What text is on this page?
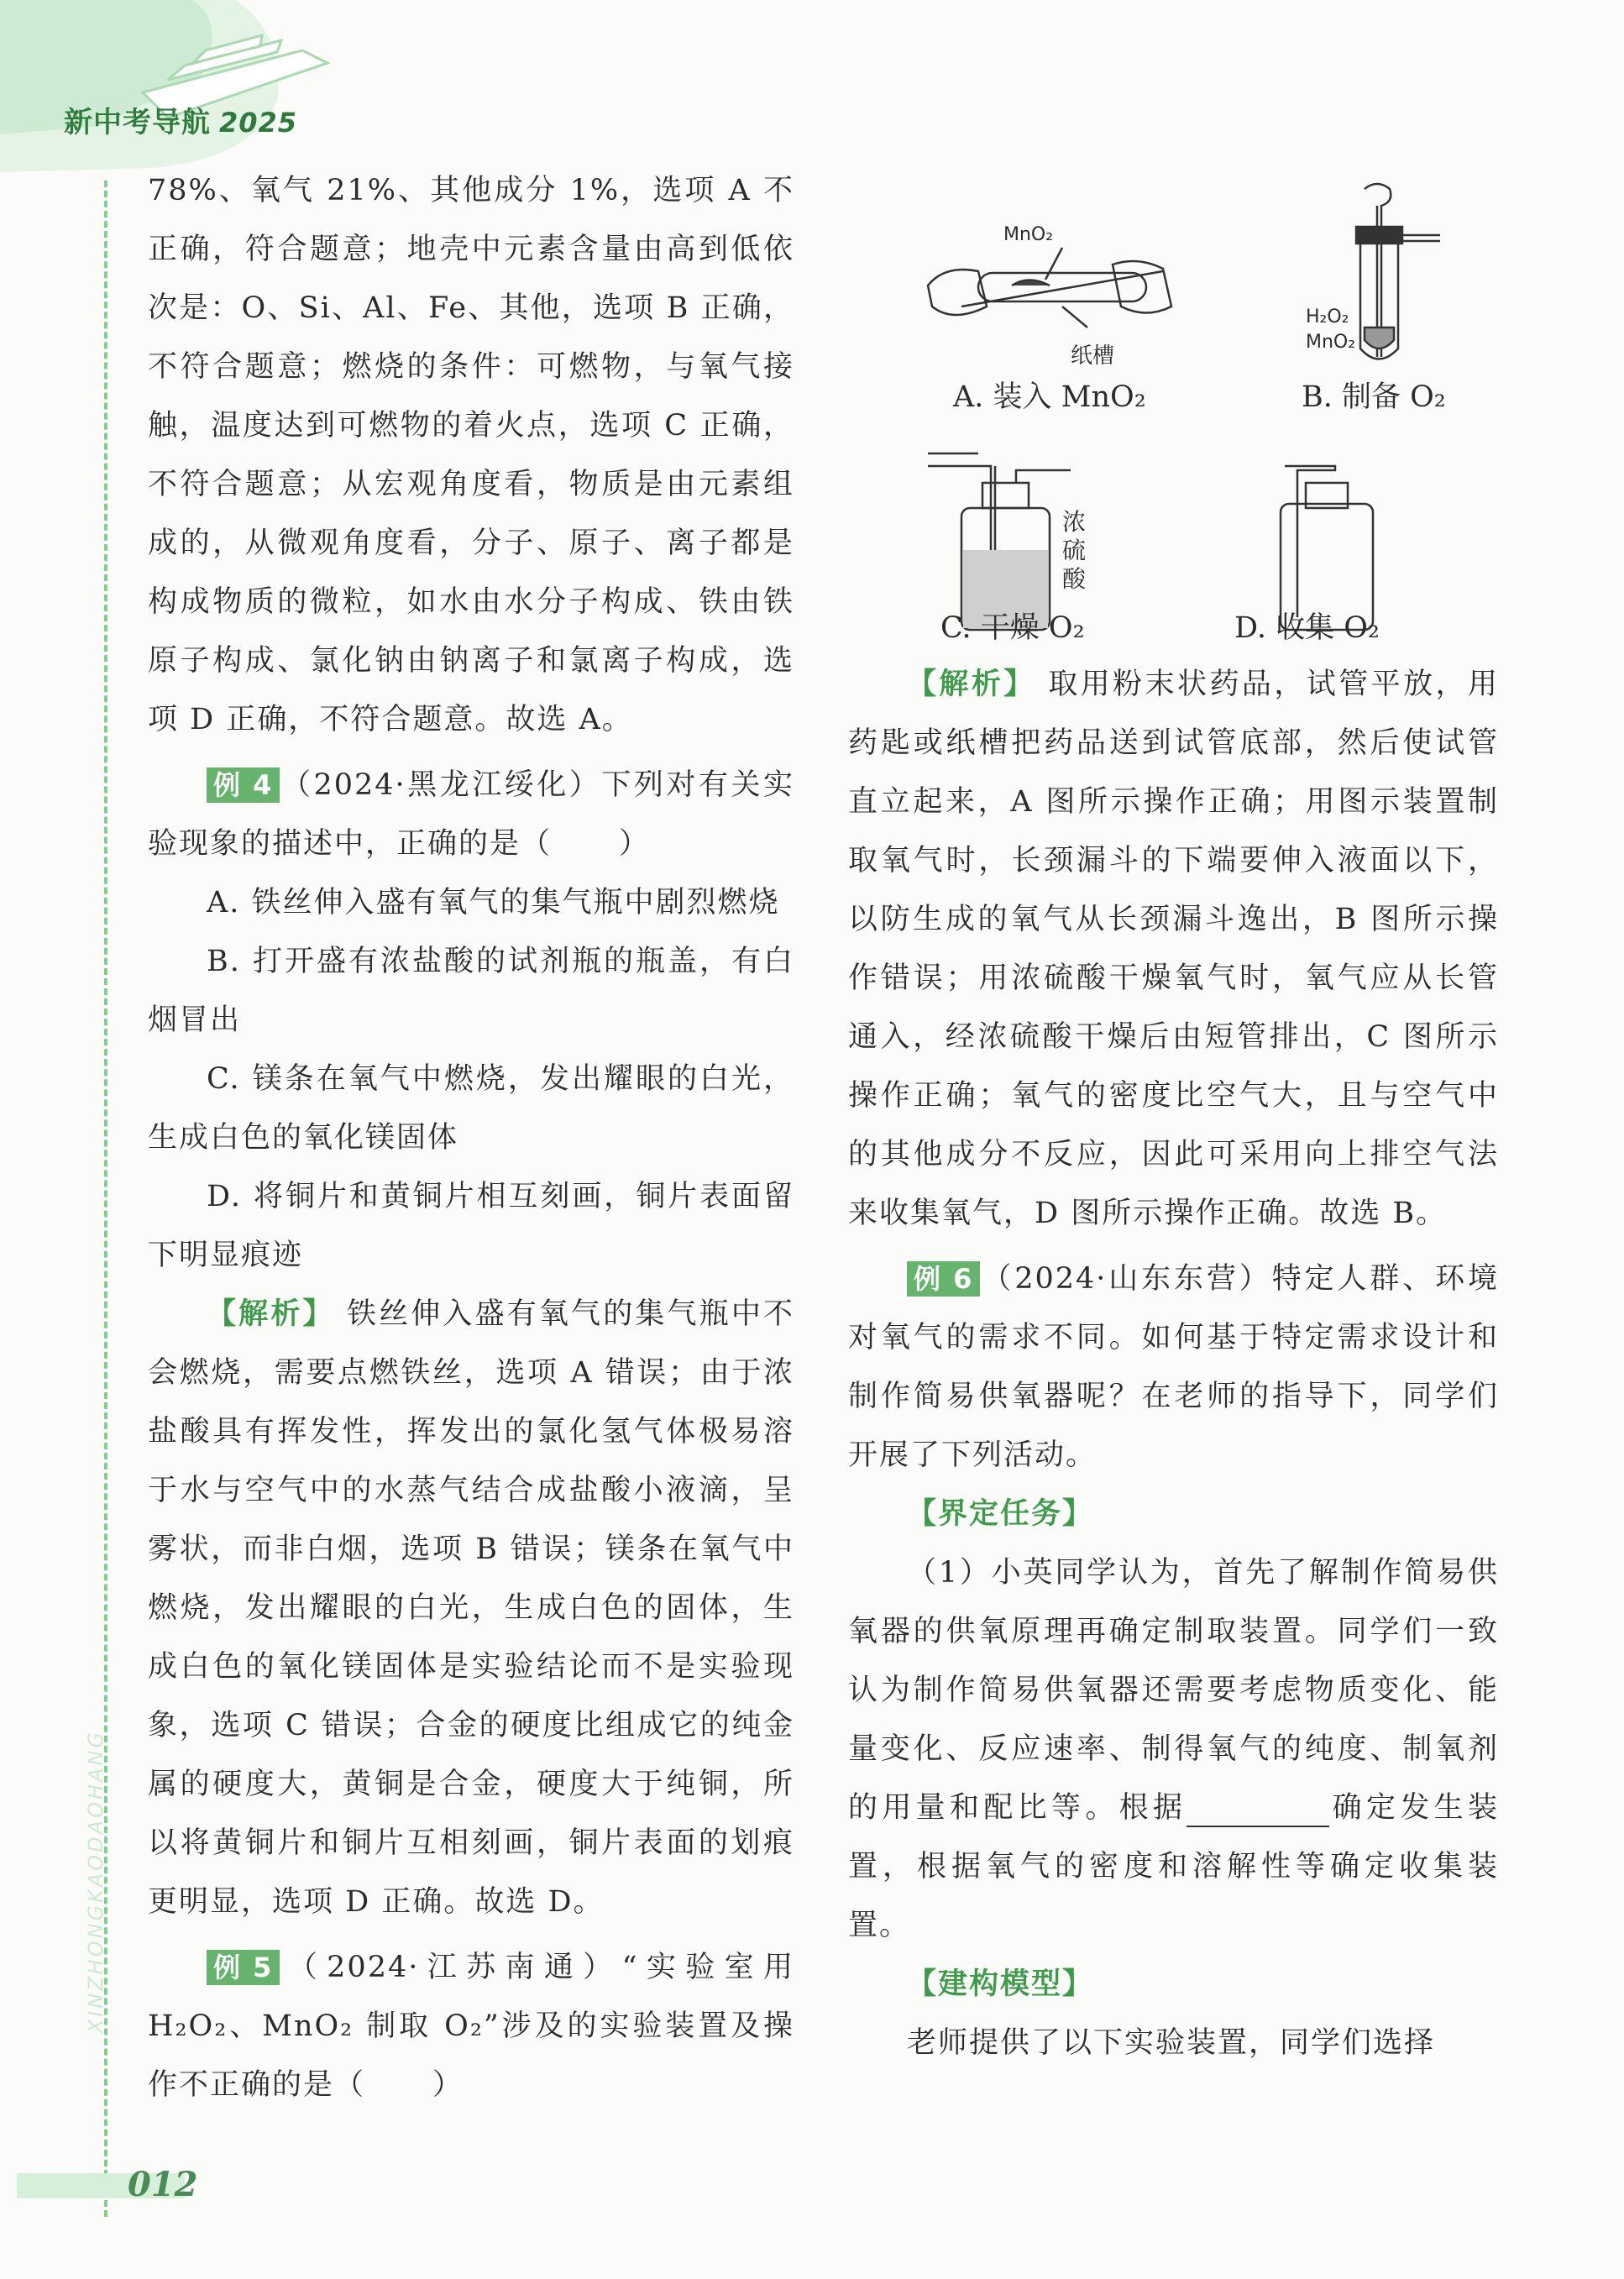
新中考导航 2025
XINZHONGKAODAOHANG
012

78%、氧气 21%、其他成分 1%，选项 A 不正确，符合题意；地壳中元素含量由高到低依次是：O、Si、Al、Fe、其他，选项 B 正确，不符合题意；燃烧的条件：可燃物，与氧气接触，温度达到可燃物的着火点，选项 C 正确，不符合题意；从宏观角度看，物质是由元素组成的，从微观角度看，分子、原子、离子都是构成物质的微粒，如水由水分子构成、铁由铁原子构成、氯化钠由钠离子和氯离子构成，选项 D 正确，不符合题意。故选 A。

例 4 （2024·黑龙江绥化）下列对有关实验现象的描述中，正确的是（ ）

A. 铁丝伸入盛有氧气的集气瓶中剧烈燃烧

B. 打开盛有浓盐酸的试剂瓶的瓶盖，有白烟冒出

C. 镁条在氧气中燃烧，发出耀眼的白光，生成白色的氧化镁固体

D. 将铜片和黄铜片相互刻画，铜片表面留下明显痕迹

【解析】 铁丝伸入盛有氧气的集气瓶中不会燃烧，需要点燃铁丝，选项 A 错误；由于浓盐酸具有挥发性，挥发出的氯化氢气体极易溶于水与空气中的水蒸气结合成盐酸小液滴，呈雾状，而非白烟，选项 B 错误；镁条在氧气中燃烧，发出耀眼的白光，生成白色的固体，生成白色的氧化镁固体是实验结论而不是实验现象，选项 C 错误；合金的硬度比组成它的纯金属的硬度大，黄铜是合金，硬度大于纯铜，所以将黄铜片和铜片互相刻画，铜片表面的划痕更明显，选项 D 正确。故选 D。

例 5 （2024·江苏南通）“实验室用 H₂O₂、MnO₂ 制取 O₂”涉及的实验装置及操作不正确的是（ ）

MnO₂
纸槽
A. 装入 MnO₂
H₂O₂
MnO₂
B. 制备 O₂
浓硫酸
C. 干燥 O₂	D. 收集 O₂

【解析】 取用粉末状药品，试管平放，用药匙或纸槽把药品送到试管底部，然后使试管直立起来，A 图所示操作正确；用图示装置制取氧气时，长颈漏斗的下端要伸入液面以下，以防生成的氧气从长颈漏斗逸出，B 图所示操作错误；用浓硫酸干燥氧气时，氧气应从长管通入，经浓硫酸干燥后由短管排出，C 图所示操作正确；氧气的密度比空气大，且与空气中的其他成分不反应，因此可采用向上排空气法来收集氧气，D 图所示操作正确。故选 B。

例 6 （2024·山东东营）特定人群、环境对氧气的需求不同。如何基于特定需求设计和制作简易供氧器呢？在老师的指导下，同学们开展了下列活动。

【界定任务】

（1）小英同学认为，首先了解制作简易供氧器的供氧原理再确定制取装置。同学们一致认为制作简易供氧器还需要考虑物质变化、能量变化、反应速率、制得氧气的纯度、制氧剂的用量和配比等。根据	确定发生装置，根据氧气的密度和溶解性等确定收集装置。

【建构模型】

老师提供了以下实验装置，同学们选择
